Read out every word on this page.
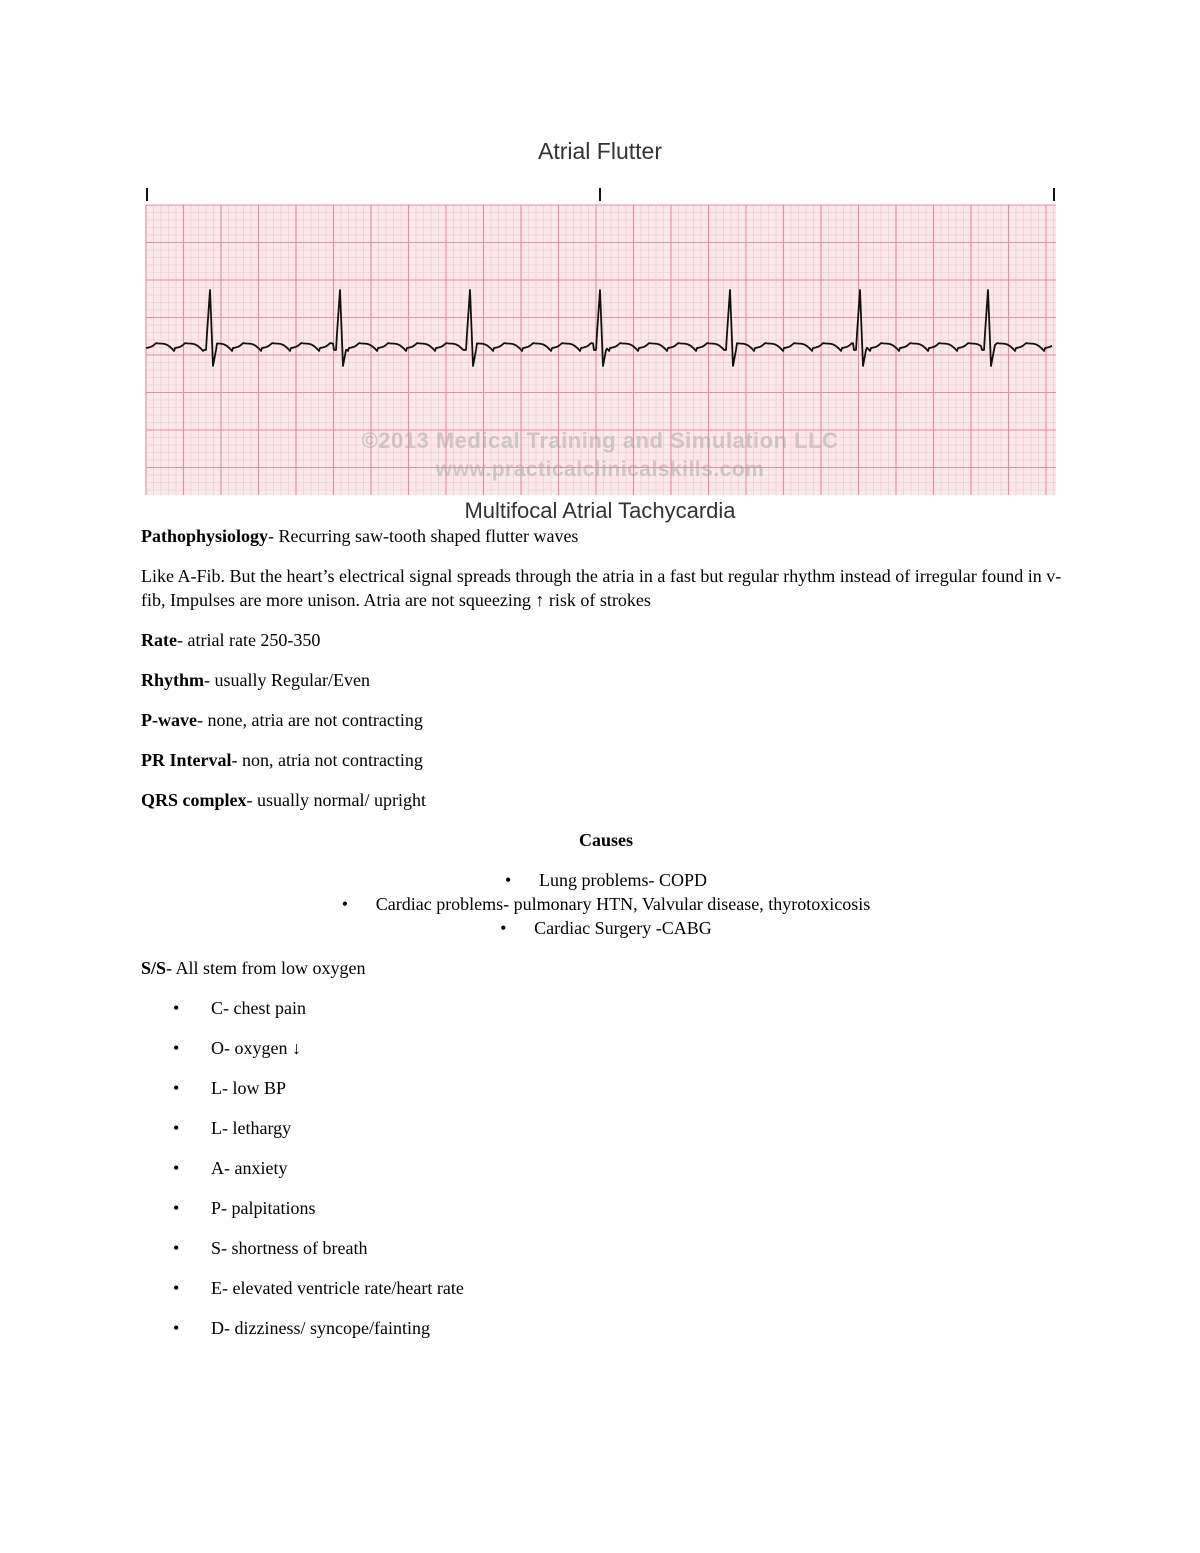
Atrial Flutter
©2013 Medical Training and Simulation LLC
www.practicalclinicalskills.com
Multifocal Atrial Tachycardia

Pathophysiology- Recurring saw-tooth shaped flutter waves

Like A-Fib. But the heart’s electrical signal spreads through the atria in a fast but regular rhythm instead of irregular found in v-fib, Impulses are more unison. Atria are not squeezing ↑ risk of strokes

Rate- atrial rate 250-350

Rhythm- usually Regular/Even

P-wave- none, atria are not contracting

PR Interval- non, atria not contracting

QRS complex- usually normal/ upright

Causes
• Lung problems- COPD
• Cardiac problems- pulmonary HTN, Valvular disease, thyrotoxicosis
• Cardiac Surgery -CABG

S/S- All stem from low oxygen

• C- chest pain
• O- oxygen ↓
• L- low BP
• L- lethargy
• A- anxiety
• P- palpitations
• S- shortness of breath
• E- elevated ventricle rate/heart rate
• D- dizziness/ syncope/fainting
